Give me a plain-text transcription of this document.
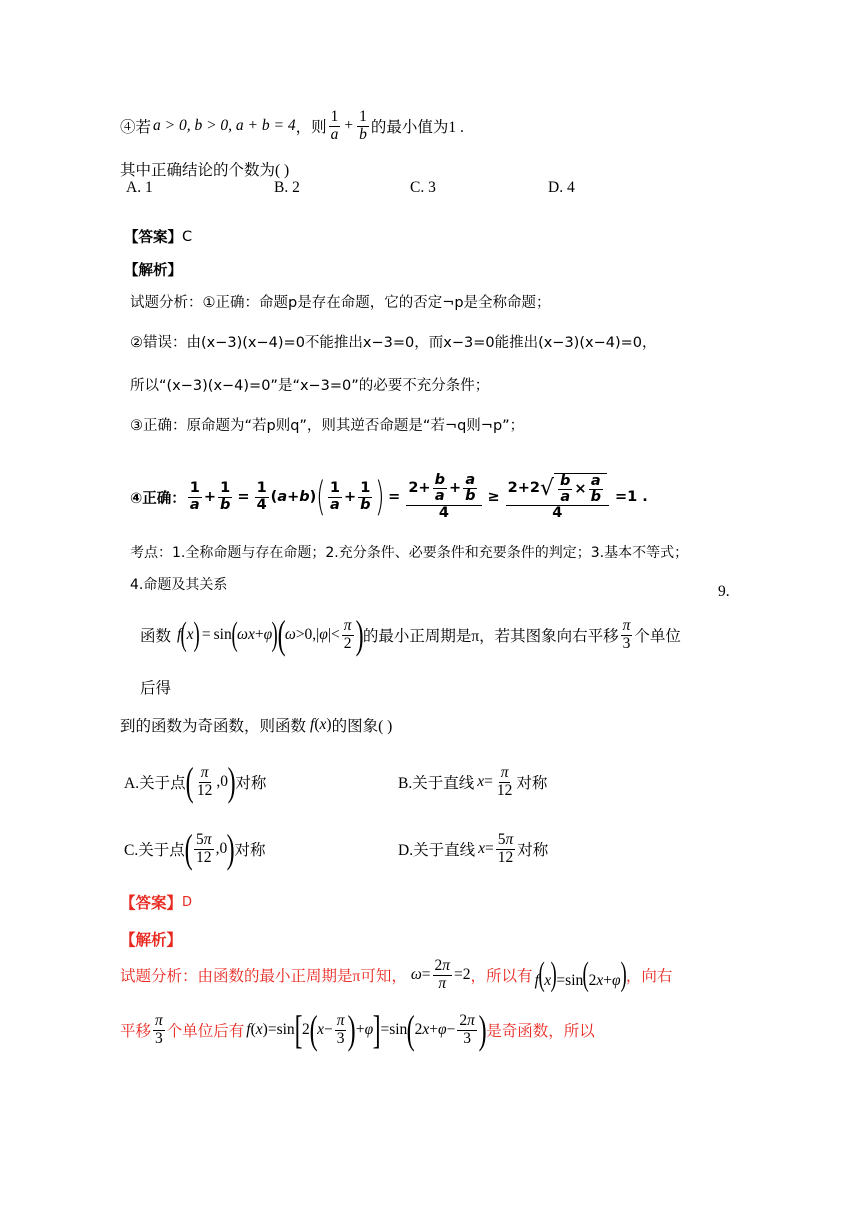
④若 a > 0, b > 0, a + b = 4 ，则 $\frac{1}{a} + \frac{1}{b}$ 的最小值为1 .
其中正确结论的个数为( )
A. 1	B. 2	C. 3	D. 4
【答案】 C
【解析】
试题分析：①正确：命题p是存在命题，它的否定¬p是全称命题；
②错误：由(x−3)(x−4)=0不能推出x−3=0，而x−3=0能推出(x−3)(x−4)=0，
所以“(x−3)(x−4)=0”是“x−3=0”的必要不充分条件；
③正确：原命题为“若p则q”，则其逆否命题是“若¬q则¬p”；
④正确： $\frac{1}{a} + \frac{1}{b} = \frac{1}{4} (a+b)$ ( $\frac{1}{a} + \frac{1}{b}$ ) = $\frac{2+ \frac{b}{a} + \frac{a}{b}}{4} \ge \frac{2+2 √ \frac{b}{a} \times \frac{a}{b}}{4} =1$ .
考点：1.全称命题与存在命题；2.充分条件、必要条件和充要条件的判定；3.基本不等式；
4.命题及其关系	9.
函数 f ( x ) = sin ( ωx + φ ) ( ω >0,| φ |< $\frac{\pi}{2}$ ) 的最小正周期是π，若其图象向右平移 $\frac{\pi}{3}$ 个单位
后得
到的函数为奇函数，则函数 f ( x ) 的图象( )
A.关于点 ( $\frac{\pi}{12} ,0$ ) 对称	B.关于直线 $x = \frac{\pi}{12}$ 对称
C.关于点 ( $\frac{5\pi}{12} ,0$ ) 对称	D.关于直线 $x = \frac{5\pi}{12}$ 对称
【答案】 D
【解析】
试题分析：由函数的最小正周期是π可知， $\omega = \frac{2\pi}{\pi} =2$ ，所以有 f(x)=sin(2x+φ) ，向右
平移 $\frac{\pi}{3}$ 个单位后有 f ( x )=sin [ 2 ( $x - \frac{\pi}{3}$ ) + φ ] =sin ( 2 $x + \varphi - \frac{2\pi}{3}$ ) 是奇函数，所以
